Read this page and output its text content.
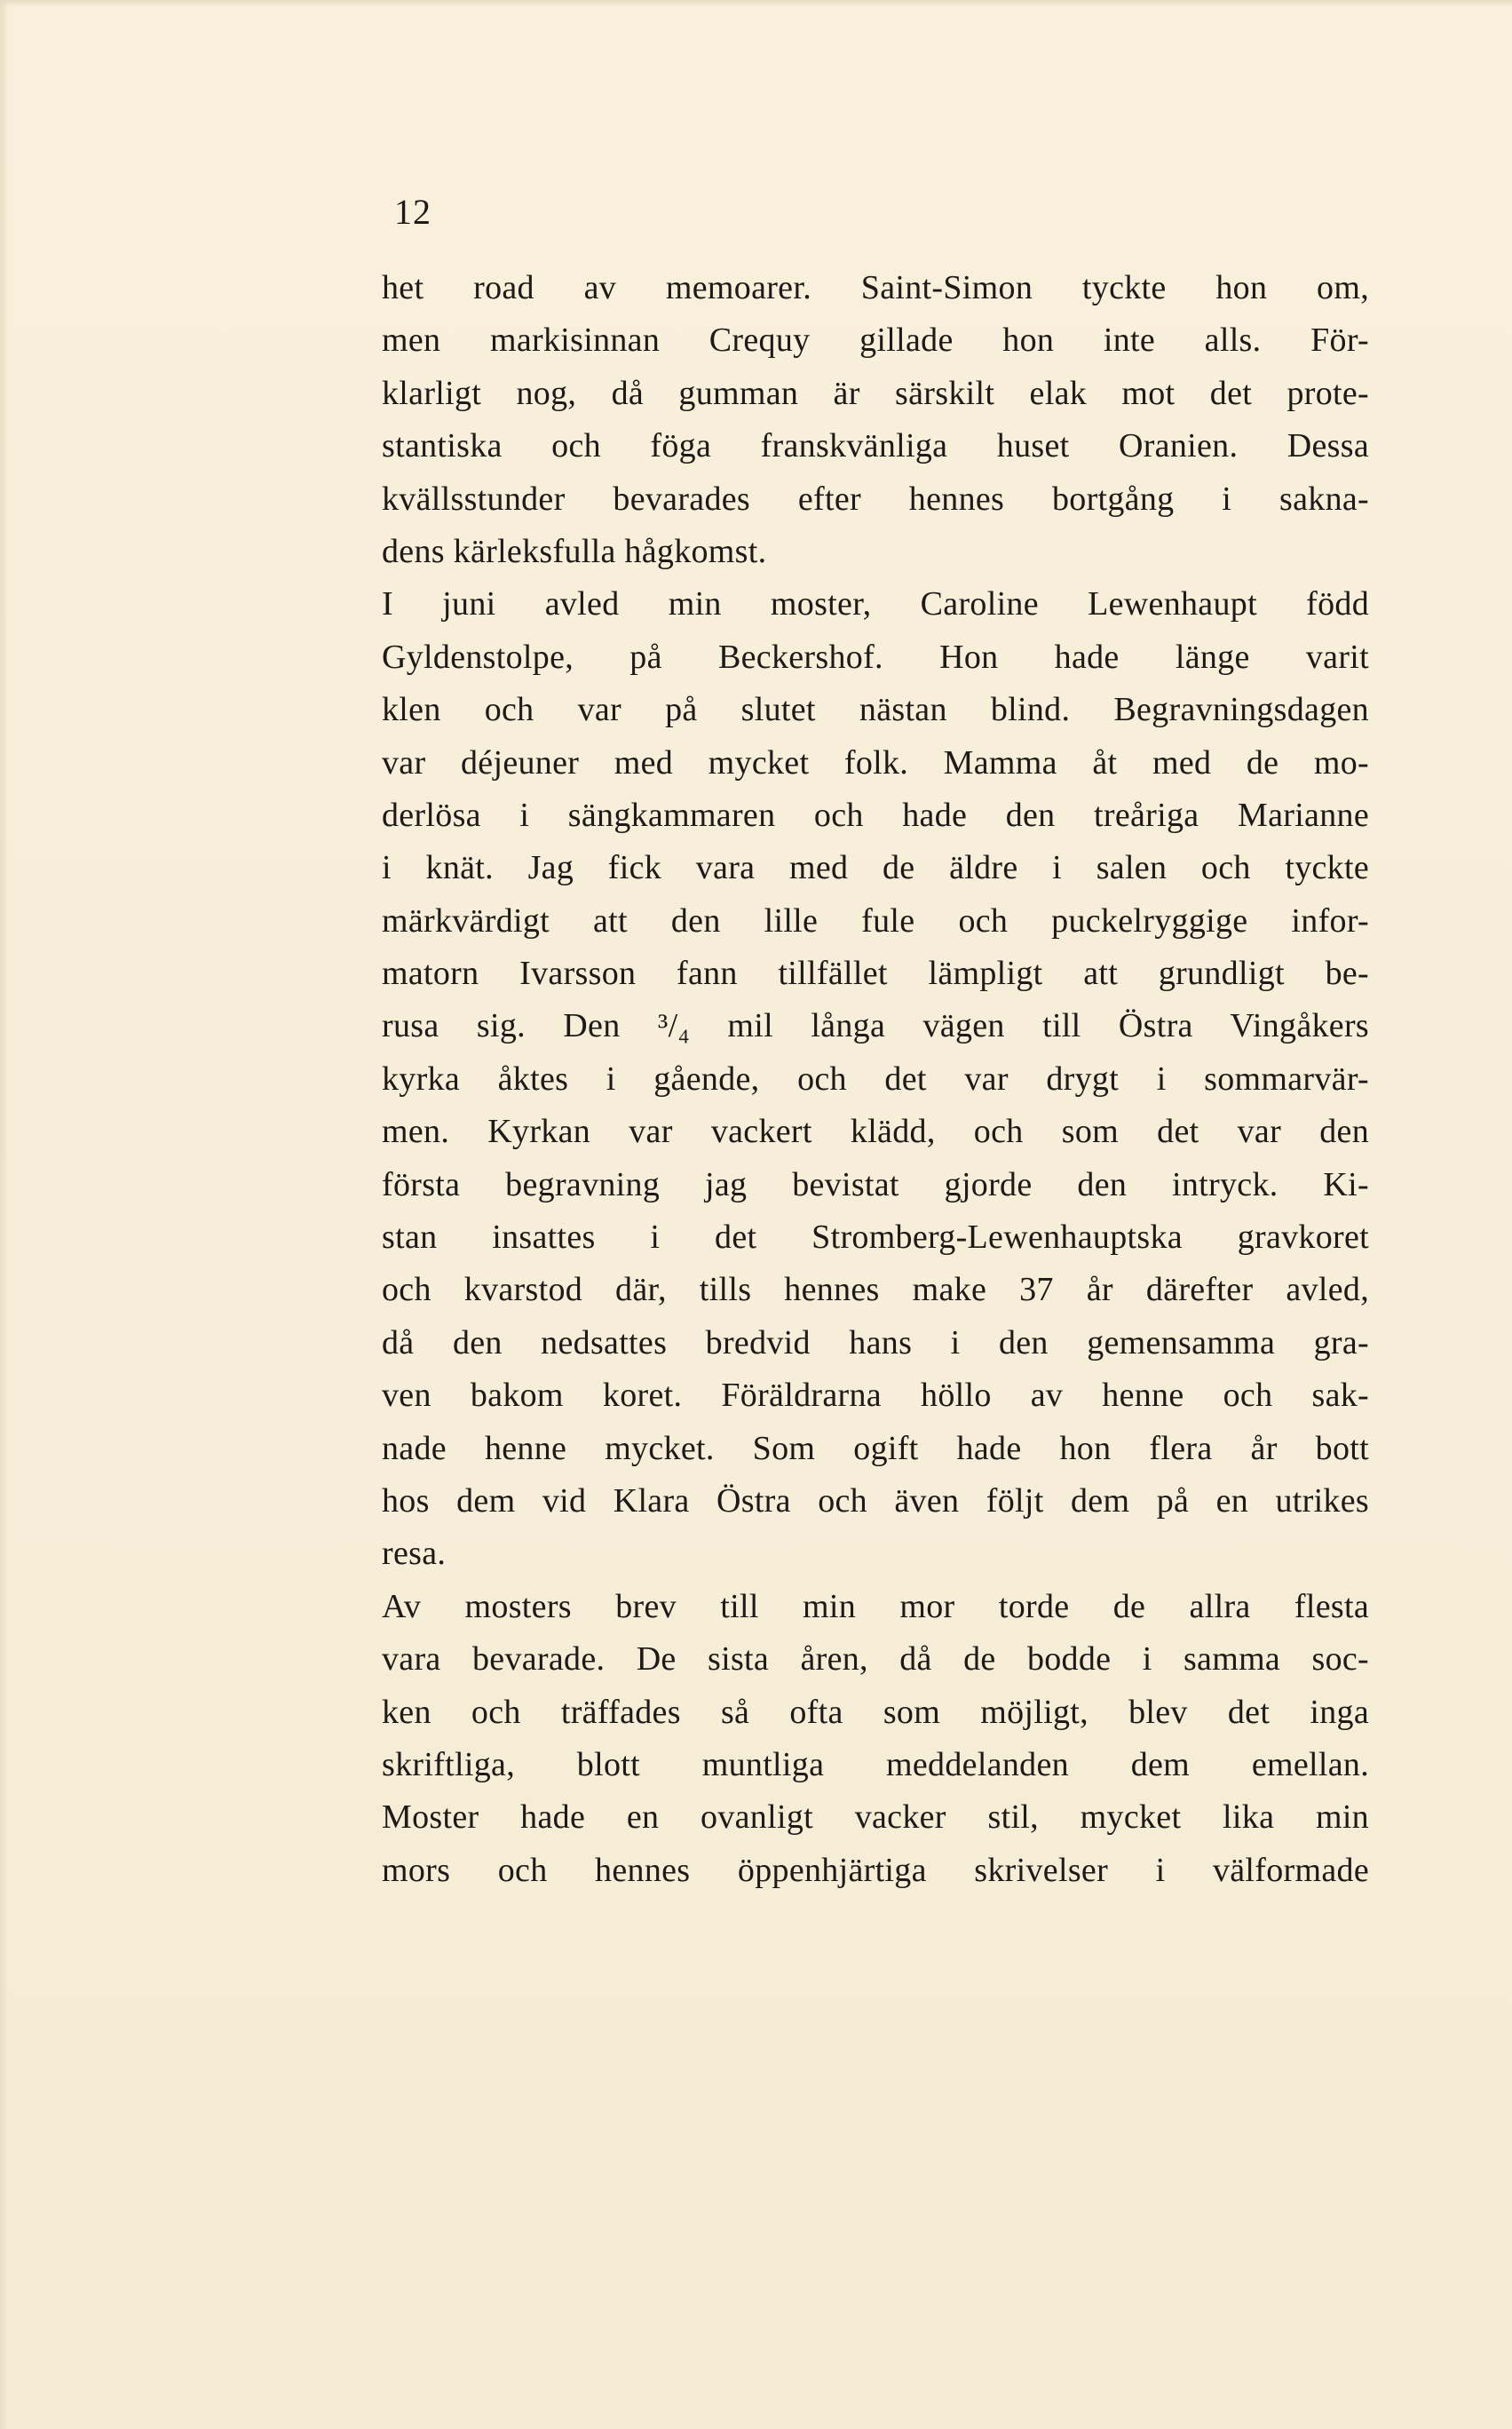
12
het road av memoarer. Saint-Simon tyckte hon om,
men markisinnan Crequy gillade hon inte alls. För-
klarligt nog, då gumman är särskilt elak mot det prote-
stantiska och föga franskvänliga huset Oranien. Dessa
kvällsstunder bevarades efter hennes bortgång i sakna-
dens kärleksfulla hågkomst.
I juni avled min moster, Caroline Lewenhaupt född
Gyldenstolpe, på Beckershof. Hon hade länge varit
klen och var på slutet nästan blind. Begravningsdagen
var déjeuner med mycket folk. Mamma åt med de mo-
derlösa i sängkammaren och hade den treåriga Marianne
i knät. Jag fick vara med de äldre i salen och tyckte
märkvärdigt att den lille fule och puckelryggige infor-
matorn Ivarsson fann tillfället lämpligt att grundligt be-
rusa sig. Den ³/₄ mil långa vägen till Östra Vingåkers
kyrka åktes i gående, och det var drygt i sommarvär-
men. Kyrkan var vackert klädd, och som det var den
första begravning jag bevistat gjorde den intryck. Ki-
stan insattes i det Stromberg-Lewenhauptska gravkoret
och kvarstod där, tills hennes make 37 år därefter avled,
då den nedsattes bredvid hans i den gemensamma gra-
ven bakom koret. Föräldrarna höllo av henne och sak-
nade henne mycket. Som ogift hade hon flera år bott
hos dem vid Klara Östra och även följt dem på en utrikes
resa.
Av mosters brev till min mor torde de allra flesta
vara bevarade. De sista åren, då de bodde i samma soc-
ken och träffades så ofta som möjligt, blev det inga
skriftliga, blott muntliga meddelanden dem emellan.
Moster hade en ovanligt vacker stil, mycket lika min
mors och hennes öppenhjärtiga skrivelser i välformade
